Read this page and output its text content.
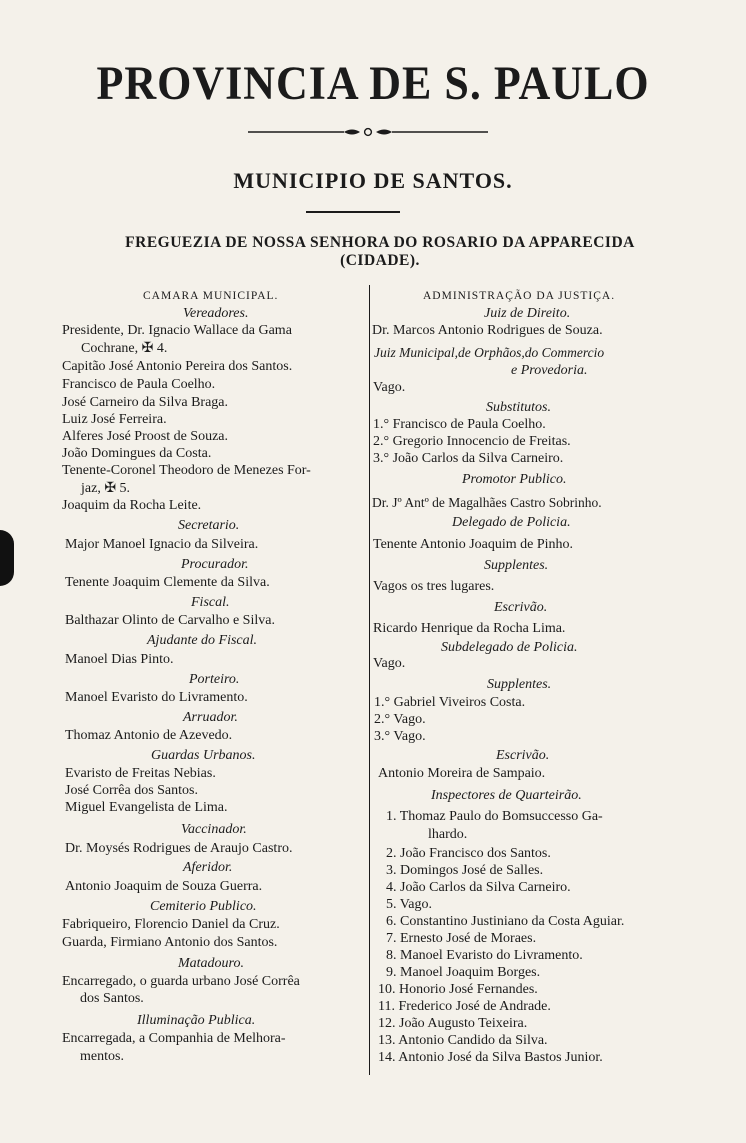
PROVINCIA DE S. PAULO
MUNICIPIO DE SANTOS.
FREGUEZIA DE NOSSA SENHORA DO ROSARIO DA APPARECIDA
(CIDADE).
CAMARA MUNICIPAL.
Vereadores.
Presidente, Dr. Ignacio Wallace da Gama
Cochrane, ✠ 4.
Capitão José Antonio Pereira dos Santos.
Francisco de Paula Coelho.
José Carneiro da Silva Braga.
Luiz José Ferreira.
Alferes José Proost de Souza.
João Domingues da Costa.
Tenente-Coronel Theodoro de Menezes For-
jaz, ✠ 5.
Joaquim da Rocha Leite.
Secretario.
Major Manoel Ignacio da Silveira.
Procurador.
Tenente Joaquim Clemente da Silva.
Fiscal.
Balthazar Olinto de Carvalho e Silva.
Ajudante do Fiscal.
Manoel Dias Pinto.
Porteiro.
Manoel Evaristo do Livramento.
Arruador.
Thomaz Antonio de Azevedo.
Guardas Urbanos.
Evaristo de Freitas Nebias.
José Corrêa dos Santos.
Miguel Evangelista de Lima.
Vaccinador.
Dr. Moysés Rodrigues de Araujo Castro.
Aferidor.
Antonio Joaquim de Souza Guerra.
Cemiterio Publico.
Fabriqueiro, Florencio Daniel da Cruz.
Guarda, Firmiano Antonio dos Santos.
Matadouro.
Encarregado, o guarda urbano José Corrêa
dos Santos.
Illuminação Publica.
Encarregada, a Companhia de Melhora-
mentos.
ADMINISTRAÇÃO DA JUSTIÇA.
Juiz de Direito.
Dr. Marcos Antonio Rodrigues de Souza.
Juiz Municipal,de Orphãos,do Commercio
e Provedoria.
Vago.
Substitutos.
1.° Francisco de Paula Coelho.
2.° Gregorio Innocencio de Freitas.
3.° João Carlos da Silva Carneiro.
Promotor Publico.
Dr. Jº Antº de Magalhães Castro Sobrinho.
Delegado de Policia.
Tenente Antonio Joaquim de Pinho.
Supplentes.
Vagos os tres lugares.
Escrivão.
Ricardo Henrique da Rocha Lima.
Subdelegado de Policia.
Vago.
Supplentes.
1.° Gabriel Viveiros Costa.
2.° Vago.
3.° Vago.
Escrivão.
Antonio Moreira de Sampaio.
Inspectores de Quarteirão.
1. Thomaz Paulo do Bomsuccesso Ga-
lhardo.
2. João Francisco dos Santos.
3. Domingos José de Salles.
4. João Carlos da Silva Carneiro.
5. Vago.
6. Constantino Justiniano da Costa Aguiar.
7. Ernesto José de Moraes.
8. Manoel Evaristo do Livramento.
9. Manoel Joaquim Borges.
10. Honorio José Fernandes.
11. Frederico José de Andrade.
12. João Augusto Teixeira.
13. Antonio Candido da Silva.
14. Antonio José da Silva Bastos Junior.
